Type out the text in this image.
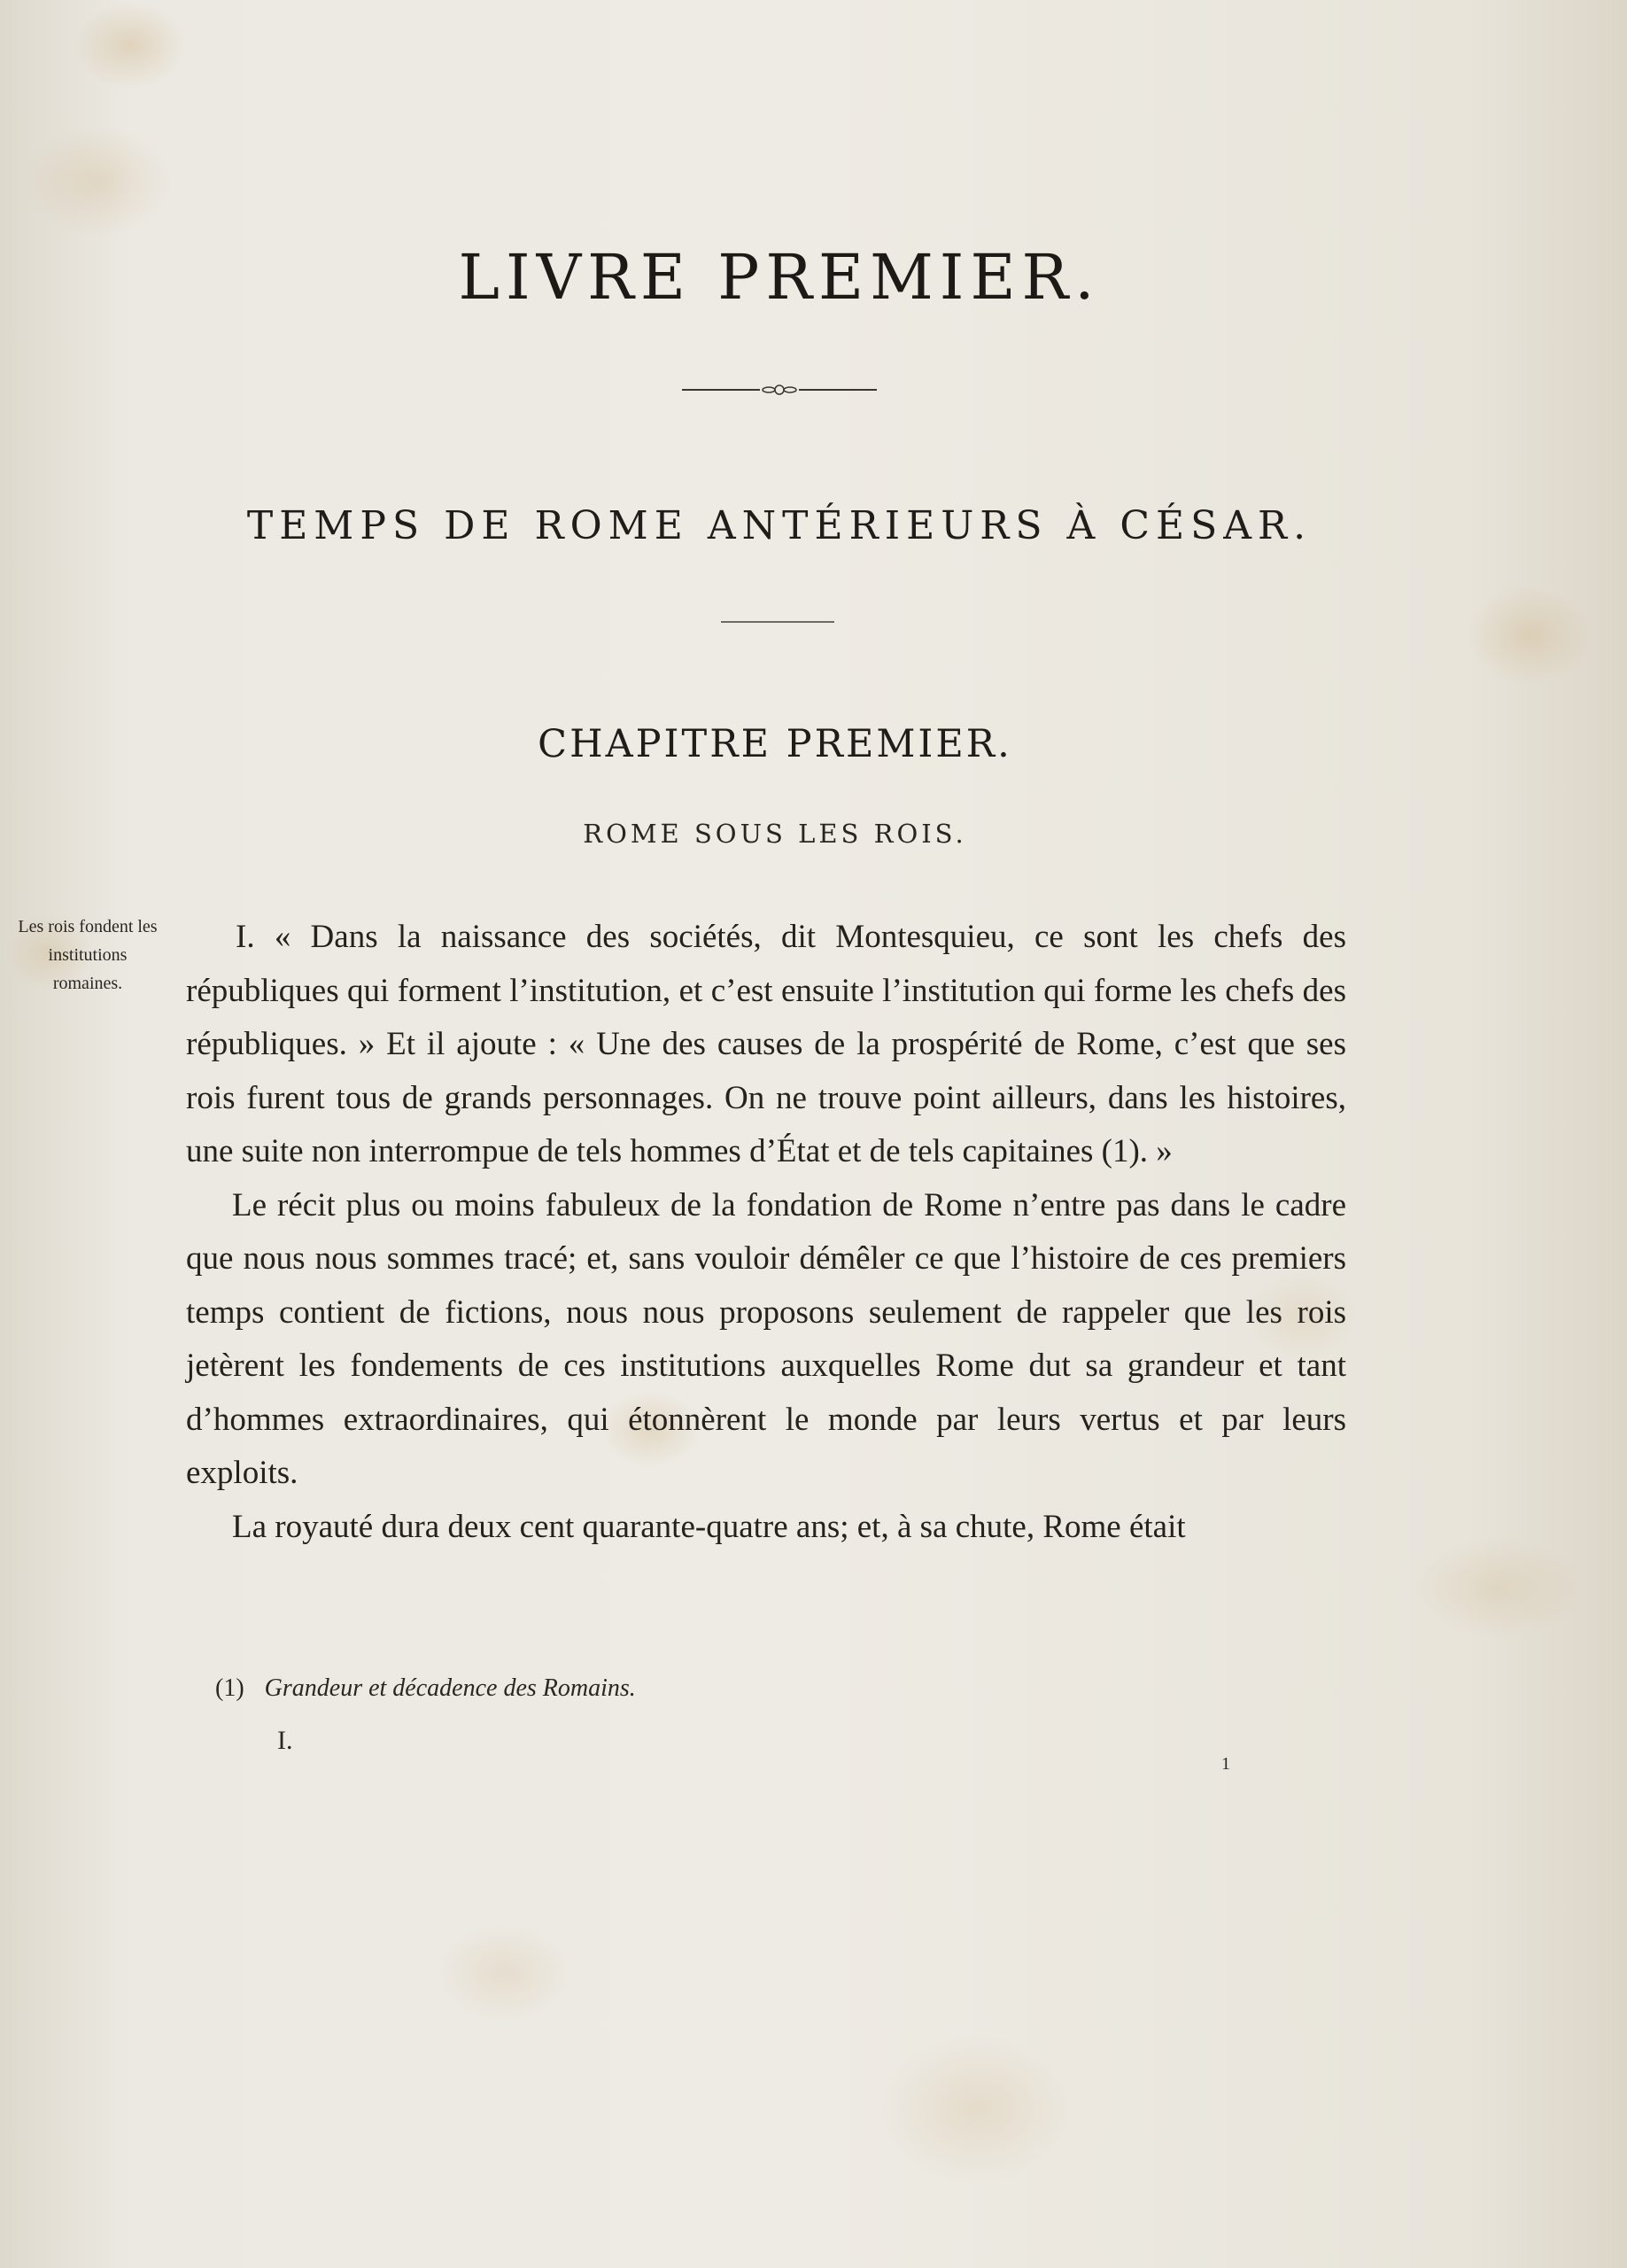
LIVRE PREMIER.
TEMPS DE ROME ANTÉRIEURS À CÉSAR.
CHAPITRE PREMIER.
ROME SOUS LES ROIS.
Les rois fondent les institutions romaines.

I. « Dans la naissance des sociétés, dit Montesquieu, ce sont les chefs des républiques qui forment l’institution, et c’est ensuite l’institution qui forme les chefs des républiques. » Et il ajoute : « Une des causes de la prospérité de Rome, c’est que ses rois furent tous de grands personnages. On ne trouve point ailleurs, dans les histoires, une suite non interrompue de tels hommes d’État et de tels capitaines (1). »

Le récit plus ou moins fabuleux de la fondation de Rome n’entre pas dans le cadre que nous nous sommes tracé; et, sans vouloir démêler ce que l’histoire de ces premiers temps contient de fictions, nous nous proposons seulement de rappeler que les rois jetèrent les fondements de ces institutions auxquelles Rome dut sa grandeur et tant d’hommes extraordinaires, qui étonnèrent le monde par leurs vertus et par leurs exploits.

La royauté dura deux cent quarante-quatre ans; et, à sa chute, Rome était

(1) Grandeur et décadence des Romains.
I.
1
